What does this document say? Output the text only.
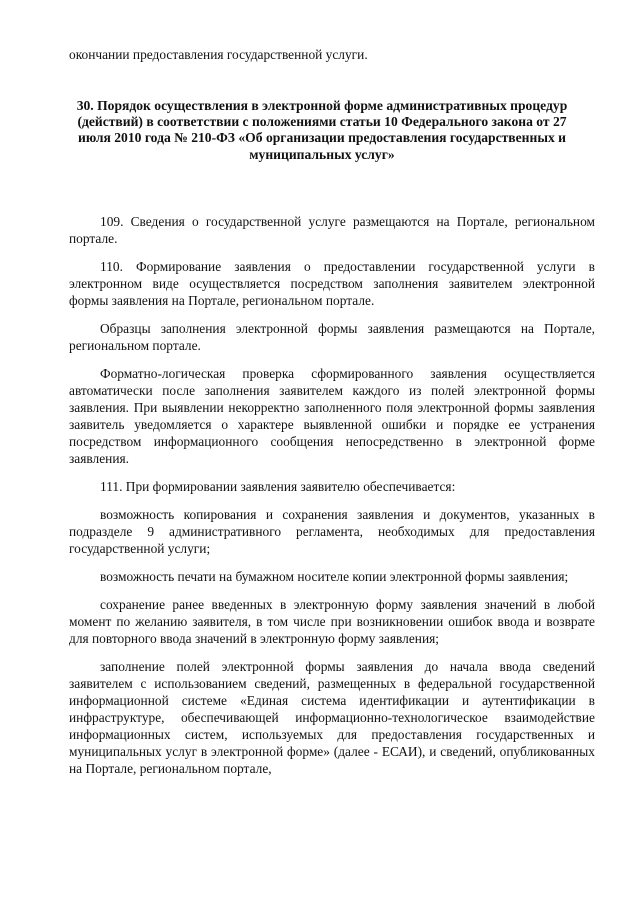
окончании предоставления государственной услуги.

30. Порядок осуществления в электронной форме административных процедур (действий) в соответствии с положениями статьи 10 Федерального закона от 27 июля 2010 года № 210-ФЗ «Об организации предоставления государственных и муниципальных услуг»

109. Сведения о государственной услуге размещаются на Портале, региональном портале.

110. Формирование заявления о предоставлении государственной услуги в электронном виде осуществляется посредством заполнения заявителем электронной формы заявления на Портале, региональном портале.

Образцы заполнения электронной формы заявления размещаются на Портале, региональном портале.

Форматно-логическая проверка сформированного заявления осуществляется автоматически после заполнения заявителем каждого из полей электронной формы заявления. При выявлении некорректно заполненного поля электронной формы заявления заявитель уведомляется о характере выявленной ошибки и порядке ее устранения посредством информационного сообщения непосредственно в электронной форме заявления.

111. При формировании заявления заявителю обеспечивается:

возможность копирования и сохранения заявления и документов, указанных в подразделе 9 административного регламента, необходимых для предоставления государственной услуги;

возможность печати на бумажном носителе копии электронной формы заявления;

сохранение ранее введенных в электронную форму заявления значений в любой момент по желанию заявителя, в том числе при возникновении ошибок ввода и возврате для повторного ввода значений в электронную форму заявления;

заполнение полей электронной формы заявления до начала ввода сведений заявителем с использованием сведений, размещенных в федеральной государственной информационной системе «Единая система идентификации и аутентификации в инфраструктуре, обеспечивающей информационно-технологическое взаимодействие информационных систем, используемых для предоставления государственных и муниципальных услуг в электронной форме» (далее - ЕСАИ), и сведений, опубликованных на Портале, региональном портале,
